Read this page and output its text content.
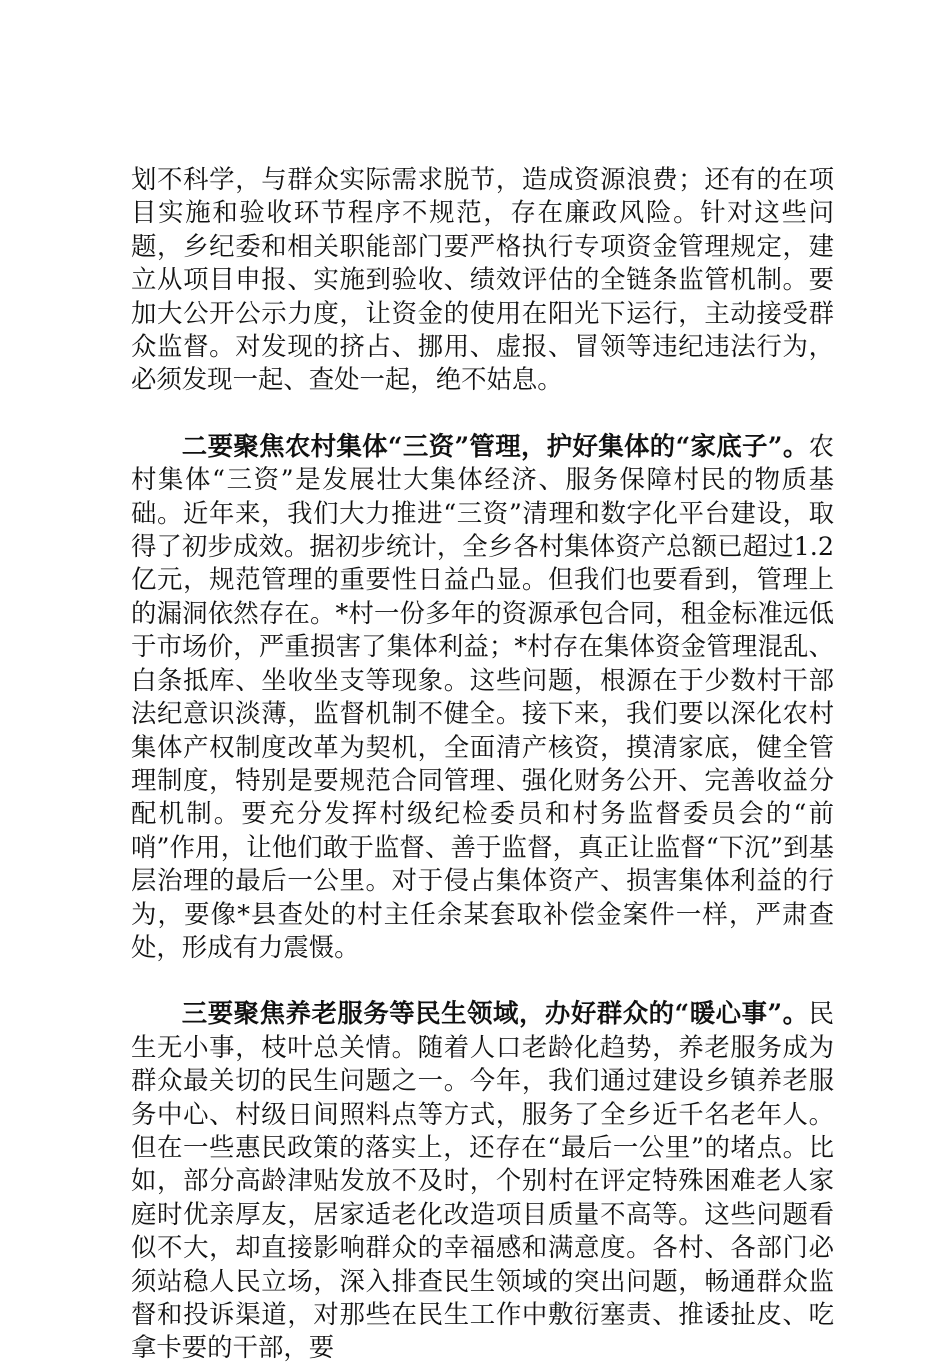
划不科学，与群众实际需求脱节，造成资源浪费；还有的在项目实施和验收环节程序不规范，存在廉政风险。针对这些问题，乡纪委和相关职能部门要严格执行专项资金管理规定，建立从项目申报、实施到验收、绩效评估的全链条监管机制。要加大公开公示力度，让资金的使用在阳光下运行，主动接受群众监督。对发现的挤占、挪用、虚报、冒领等违纪违法行为，必须发现一起、查处一起，绝不姑息。

二要聚焦农村集体“三资”管理，护好集体的“家底子”。农村集体“三资”是发展壮大集体经济、服务保障村民的物质基础。近年来，我们大力推进“三资”清理和数字化平台建设，取得了初步成效。据初步统计，全乡各村集体资产总额已超过1.2亿元，规范管理的重要性日益凸显。但我们也要看到，管理上的漏洞依然存在。*村一份多年的资源承包合同，租金标准远低于市场价，严重损害了集体利益；*村存在集体资金管理混乱、白条抵库、坐收坐支等现象。这些问题，根源在于少数村干部法纪意识淡薄，监督机制不健全。接下来，我们要以深化农村集体产权制度改革为契机，全面清产核资，摸清家底，健全管理制度，特别是要规范合同管理、强化财务公开、完善收益分配机制。要充分发挥村级纪检委员和村务监督委员会的“前哨”作用，让他们敢于监督、善于监督，真正让监督“下沉”到基层治理的最后一公里。对于侵占集体资产、损害集体利益的行为，要像*县查处的村主任余某套取补偿金案件一样，严肃查处，形成有力震慑。

三要聚焦养老服务等民生领域，办好群众的“暖心事”。民生无小事，枝叶总关情。随着人口老龄化趋势，养老服务成为群众最关切的民生问题之一。今年，我们通过建设乡镇养老服务中心、村级日间照料点等方式，服务了全乡近千名老年人。但在一些惠民政策的落实上，还存在“最后一公里”的堵点。比如，部分高龄津贴发放不及时，个别村在评定特殊困难老人家庭时优亲厚友，居家适老化改造项目质量不高等。这些问题看似不大，却直接影响群众的幸福感和满意度。各村、各部门必须站稳人民立场，深入排查民生领域的突出问题，畅通群众监督和投诉渠道，对那些在民生工作中敷衍塞责、推诿扯皮、吃拿卡要的干部，要
